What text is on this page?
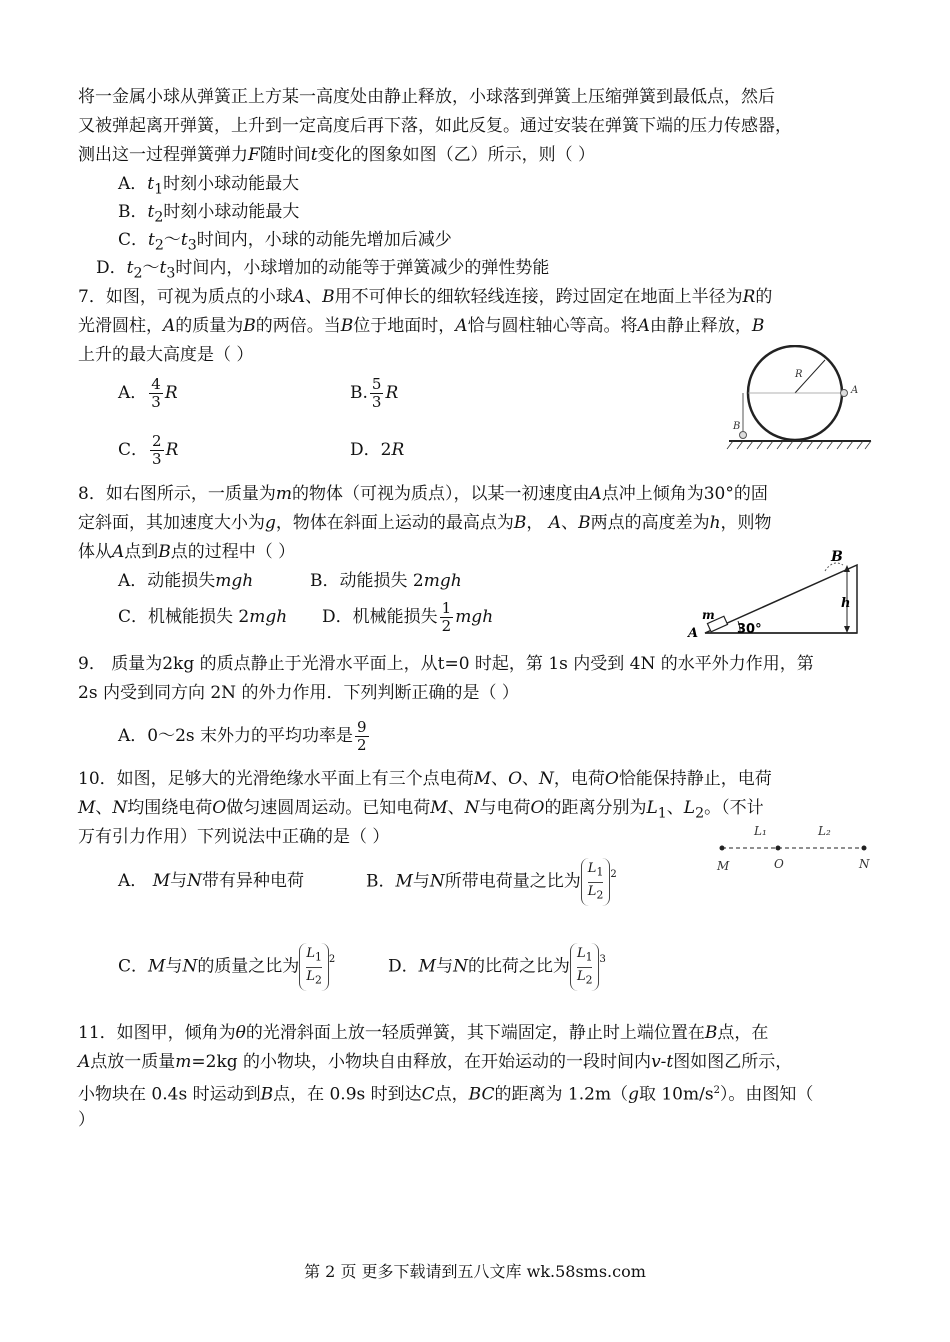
将一金属小球从弹簧正上方某一高度处由静止释放，小球落到弹簧上压缩弹簧到最低点，然后
又被弹起离开弹簧，上升到一定高度后再下落，如此反复。通过安装在弹簧下端的压力传感器，
测出这一过程弹簧弹力F随时间t变化的图象如图（乙）所示，则（ ）
A．$t_1$时刻小球动能最大
B．$t_2$时刻小球动能最大
C．$t_2\sim t_3$时间内，小球的动能先增加后减少
D．$t_2\sim t_3$时间内，小球增加的动能等于弹簧减少的弹性势能
7．如图，可视为质点的小球A、B用不可伸长的细软轻线连接，跨过固定在地面上半径为R的
光滑圆柱，A的质量为B的两倍。当B位于地面时，A恰与圆柱轴心等高。将A由静止释放，B
上升的最大高度是（ ）
A． $\frac{4}{3}$ R	B. $\frac{5}{3}$ R
C． $\frac{2}{3}$ R	D．2R
R
A
B
8．如右图所示，一质量为m的物体（可视为质点），以某一初速度由A点冲上倾角为30°的固
定斜面，其加速度大小为g，物体在斜面上运动的最高点为B， A、B两点的高度差为h，则物
体从A点到B点的过程中（ ）
A．动能损失mgh	B．动能损失 2mgh
C．机械能损失 2mgh D．机械能损失 $\frac{1}{2}$ mgh	m
A	30°
B
h
9． 质量为2kg 的质点静止于光滑水平面上，从t=0 时起，第 1s 内受到 4N 的水平外力作用，第
2s 内受到同方向 2N 的外力作用．下列判断正确的是（ ）
A．0～2s 末外力的平均功率是 $\frac{9}{2}$
10．如图，足够大的光滑绝缘水平面上有三个点电荷M、O、N，电荷O恰能保持静止，电荷
M、N均围绕电荷O做匀速圆周运动。已知电荷M、N与电荷O的距离分别为$L_1$、$L_2$。（不计
万有引力作用）下列说法中正确的是（ ）	L₁	L₂
M	O	N
A． M与N带有异种电荷	B．M与N所带电荷量之比为 $\frac{L_1}{L_2}^2$
C．M与N的质量之比为 $\frac{L_1}{L_2}^2$	D．M与N的比荷之比为 $\frac{L_1}{L_2}^3$
11．如图甲，倾角为θ的光滑斜面上放一轻质弹簧，其下端固定，静止时上端位置在B点，在
A点放一质量m=2kg 的小物块，小物块自由释放，在开始运动的一段时间内v-t图如图乙所示，
小物块在 0.4s 时运动到B点，在 0.9s 时到达C点，BC的距离为 1.2m（g取 $10m/s^2$）。由图知（
）
第 2 页 更多下载请到五八文库 wk.58sms.com
